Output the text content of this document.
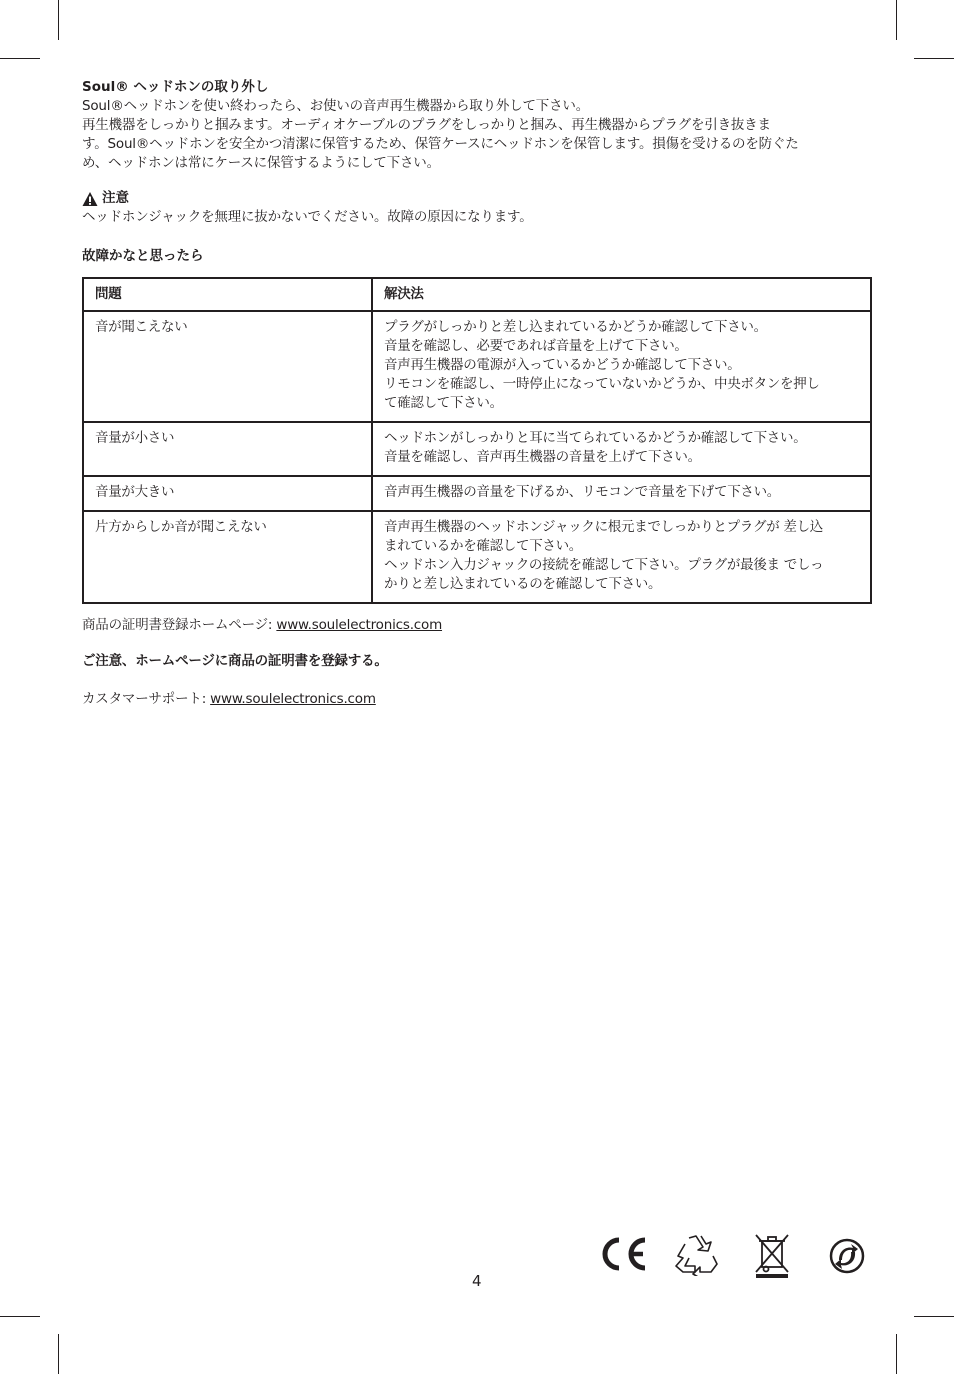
Soul® ヘッドホンの取り外し

Soul®ヘッドホンを使い終わったら、お使いの音声再生機器から取り外して下さい。

再生機器をしっかりと掴みます。オーディオケーブルのプラグをしっかりと掴み、再生機器からプラグを引き抜きま

す。Soul®ヘッドホンを安全かつ清潔に保管するため、保管ケースにヘッドホンを保管します。損傷を受けるのを防ぐた

め、ヘッドホンは常にケースに保管するようにして下さい。

注意

ヘッドホンジャックを無理に抜かないでください。故障の原因になります。

故障かなと思ったら

問題	解決法
音が聞こえない	プラグがしっかりと差し込まれているかどうか確認して下さい。
音量を確認し、必要であれば音量を上げて下さい。
音声再生機器の電源が入っているかどうか確認して下さい。
リモコンを確認し、一時停止になっていないかどうか、中央ボタンを押し
て確認して下さい。

音量が小さい	ヘッドホンがしっかりと耳に当てられているかどうか確認して下さい。
音量を確認し、音声再生機器の音量を上げて下さい。

音量が大きい	音声再生機器の音量を下げるか、リモコンで音量を下げて下さい。

片方からしか音が聞こえない	音声再生機器のヘッドホンジャックに根元までしっかりとプラグが 差し込
まれているかを確認して下さい。
ヘッドホン入力ジャックの接続を確認して下さい。プラグが最後ま でしっ
かりと差し込まれているのを確認して下さい。

商品の証明書登録ホームページ: www.soulelectronics.com

ご注意、ホームページに商品の証明書を登録する。

カスタマーサポート: www.soulelectronics.com

4
